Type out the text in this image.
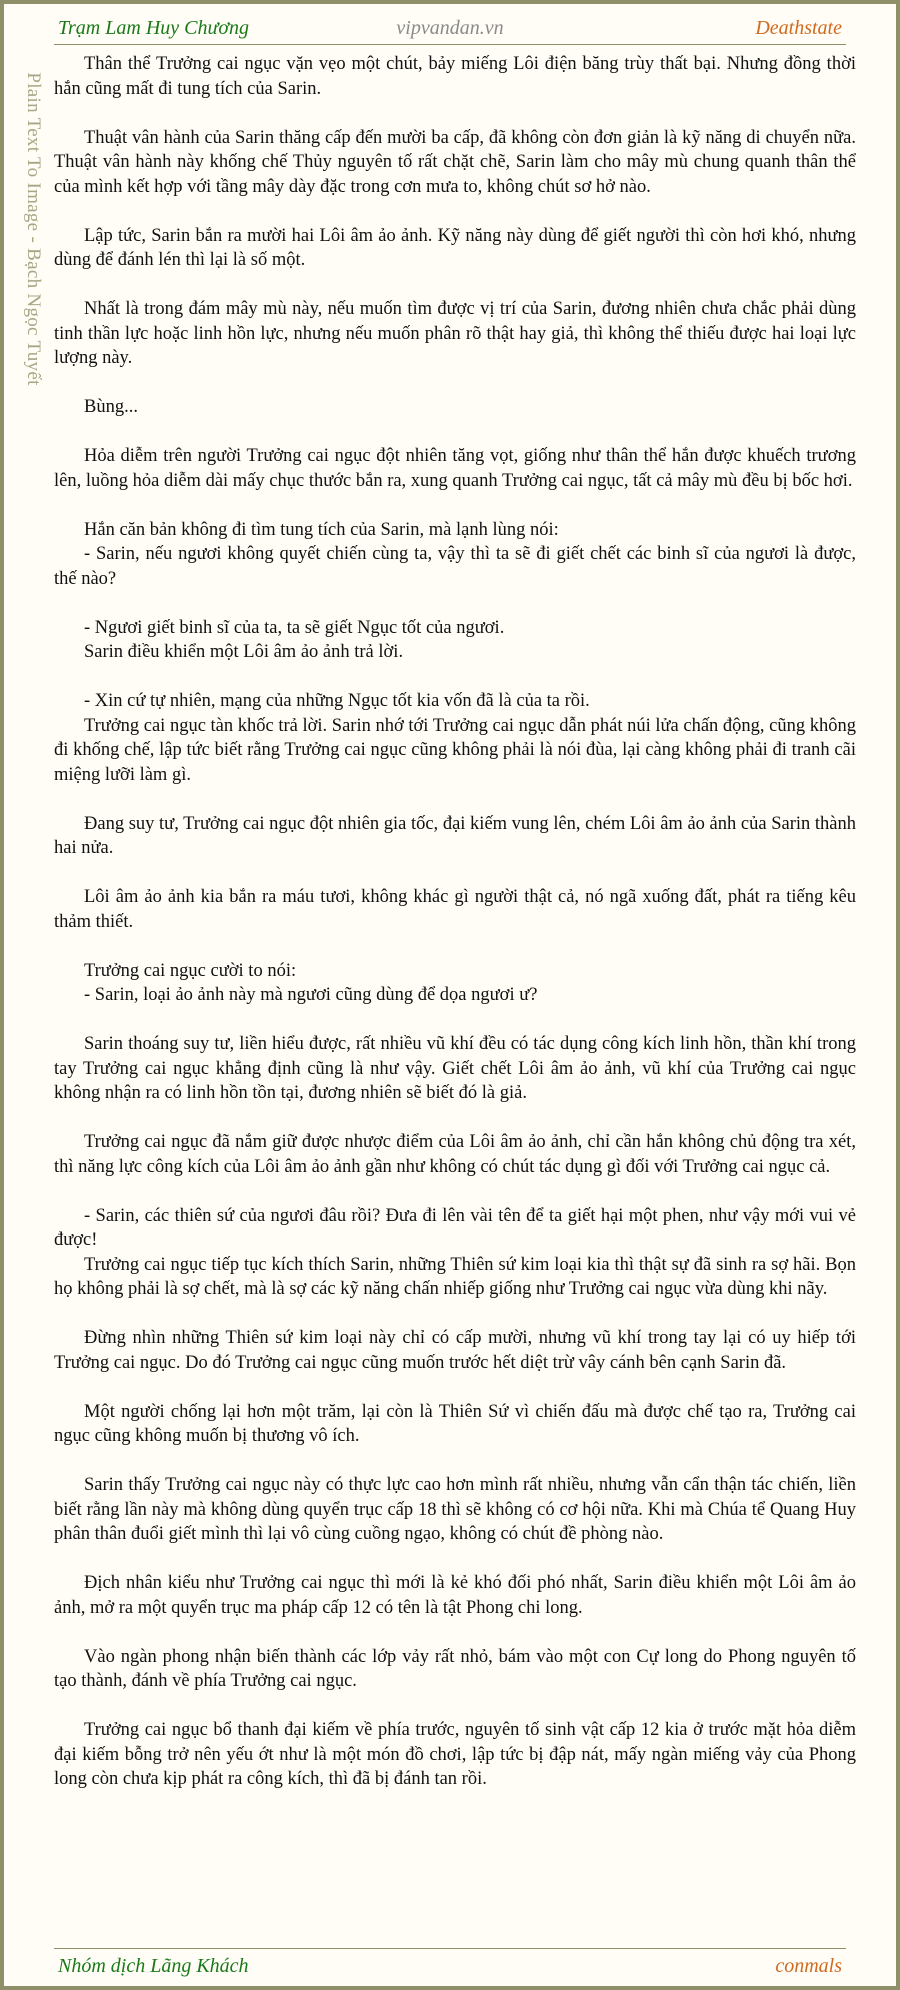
Trạm Lam Huy Chương	vipvandan.vn	Deathstate
Plain Text To Image - Bạch Ngọc Tuyết

Thân thể Trưởng cai ngục vặn vẹo một chút, bảy miếng Lôi điện băng trùy thất bại. Nhưng đồng thời hắn cũng mất đi tung tích của Sarin.

Thuật vân hành của Sarin thăng cấp đến mười ba cấp, đã không còn đơn giản là kỹ năng di chuyển nữa. Thuật vân hành này khống chế Thủy nguyên tố rất chặt chẽ, Sarin làm cho mây mù chung quanh thân thể của mình kết hợp với tầng mây dày đặc trong cơn mưa to, không chút sơ hở nào.

Lập tức, Sarin bắn ra mười hai Lôi âm ảo ảnh. Kỹ năng này dùng để giết người thì còn hơi khó, nhưng dùng để đánh lén thì lại là số một.

Nhất là trong đám mây mù này, nếu muốn tìm được vị trí của Sarin, đương nhiên chưa chắc phải dùng tinh thần lực hoặc linh hồn lực, nhưng nếu muốn phân rõ thật hay giả, thì không thể thiếu được hai loại lực lượng này.

Bùng...

Hỏa diễm trên người Trưởng cai ngục đột nhiên tăng vọt, giống như thân thể hắn được khuếch trương lên, luồng hỏa diễm dài mấy chục thước bắn ra, xung quanh Trưởng cai ngục, tất cả mây mù đều bị bốc hơi.

Hắn căn bản không đi tìm tung tích của Sarin, mà lạnh lùng nói:

- Sarin, nếu ngươi không quyết chiến cùng ta, vậy thì ta sẽ đi giết chết các binh sĩ của ngươi là được, thế nào?

- Ngươi giết binh sĩ của ta, ta sẽ giết Ngục tốt của ngươi.

Sarin điều khiển một Lôi âm ảo ảnh trả lời.

- Xin cứ tự nhiên, mạng của những Ngục tốt kia vốn đã là của ta rồi.

Trưởng cai ngục tàn khốc trả lời. Sarin nhớ tới Trưởng cai ngục dẫn phát núi lửa chấn động, cũng không đi khống chế, lập tức biết rằng Trưởng cai ngục cũng không phải là nói đùa, lại càng không phải đi tranh cãi miệng lưỡi làm gì.

Đang suy tư, Trưởng cai ngục đột nhiên gia tốc, đại kiếm vung lên, chém Lôi âm ảo ảnh của Sarin thành hai nửa.

Lôi âm ảo ảnh kia bắn ra máu tươi, không khác gì người thật cả, nó ngã xuống đất, phát ra tiếng kêu thảm thiết.

Trưởng cai ngục cười to nói:

- Sarin, loại ảo ảnh này mà ngươi cũng dùng để dọa ngươi ư?

Sarin thoáng suy tư, liền hiểu được, rất nhiều vũ khí đều có tác dụng công kích linh hồn, thần khí trong tay Trưởng cai ngục khẳng định cũng là như vậy. Giết chết Lôi âm ảo ảnh, vũ khí của Trưởng cai ngục không nhận ra có linh hồn tồn tại, đương nhiên sẽ biết đó là giả.

Trưởng cai ngục đã nắm giữ được nhược điểm của Lôi âm ảo ảnh, chỉ cần hắn không chủ động tra xét, thì năng lực công kích của Lôi âm ảo ảnh gần như không có chút tác dụng gì đối với Trưởng cai ngục cả.

- Sarin, các thiên sứ của ngươi đâu rồi? Đưa đi lên vài tên để ta giết hại một phen, như vậy mới vui vẻ được!

Trưởng cai ngục tiếp tục kích thích Sarin, những Thiên sứ kim loại kia thì thật sự đã sinh ra sợ hãi. Bọn họ không phải là sợ chết, mà là sợ các kỹ năng chấn nhiếp giống như Trưởng cai ngục vừa dùng khi nãy.

Đừng nhìn những Thiên sứ kim loại này chỉ có cấp mười, nhưng vũ khí trong tay lại có uy hiếp tới Trưởng cai ngục. Do đó Trưởng cai ngục cũng muốn trước hết diệt trừ vây cánh bên cạnh Sarin đã.

Một người chống lại hơn một trăm, lại còn là Thiên Sứ vì chiến đấu mà được chế tạo ra, Trưởng cai ngục cũng không muốn bị thương vô ích.

Sarin thấy Trưởng cai ngục này có thực lực cao hơn mình rất nhiều, nhưng vẫn cẩn thận tác chiến, liền biết rằng lần này mà không dùng quyển trục cấp 18 thì sẽ không có cơ hội nữa. Khi mà Chúa tể Quang Huy phân thân đuổi giết mình thì lại vô cùng cuồng ngạo, không có chút đề phòng nào.

Địch nhân kiểu như Trưởng cai ngục thì mới là kẻ khó đối phó nhất, Sarin điều khiển một Lôi âm ảo ảnh, mở ra một quyển trục ma pháp cấp 12 có tên là tật Phong chi long.

Vào ngàn phong nhận biến thành các lớp vảy rất nhỏ, bám vào một con Cự long do Phong nguyên tố tạo thành, đánh về phía Trưởng cai ngục.

Trưởng cai ngục bổ thanh đại kiếm về phía trước, nguyên tố sinh vật cấp 12 kia ở trước mặt hỏa diễm đại kiếm bỗng trở nên yếu ớt như là một món đồ chơi, lập tức bị đập nát, mấy ngàn miếng vảy của Phong long còn chưa kịp phát ra công kích, thì đã bị đánh tan rồi.

Nhóm dịch Lãng Khách	conmals
